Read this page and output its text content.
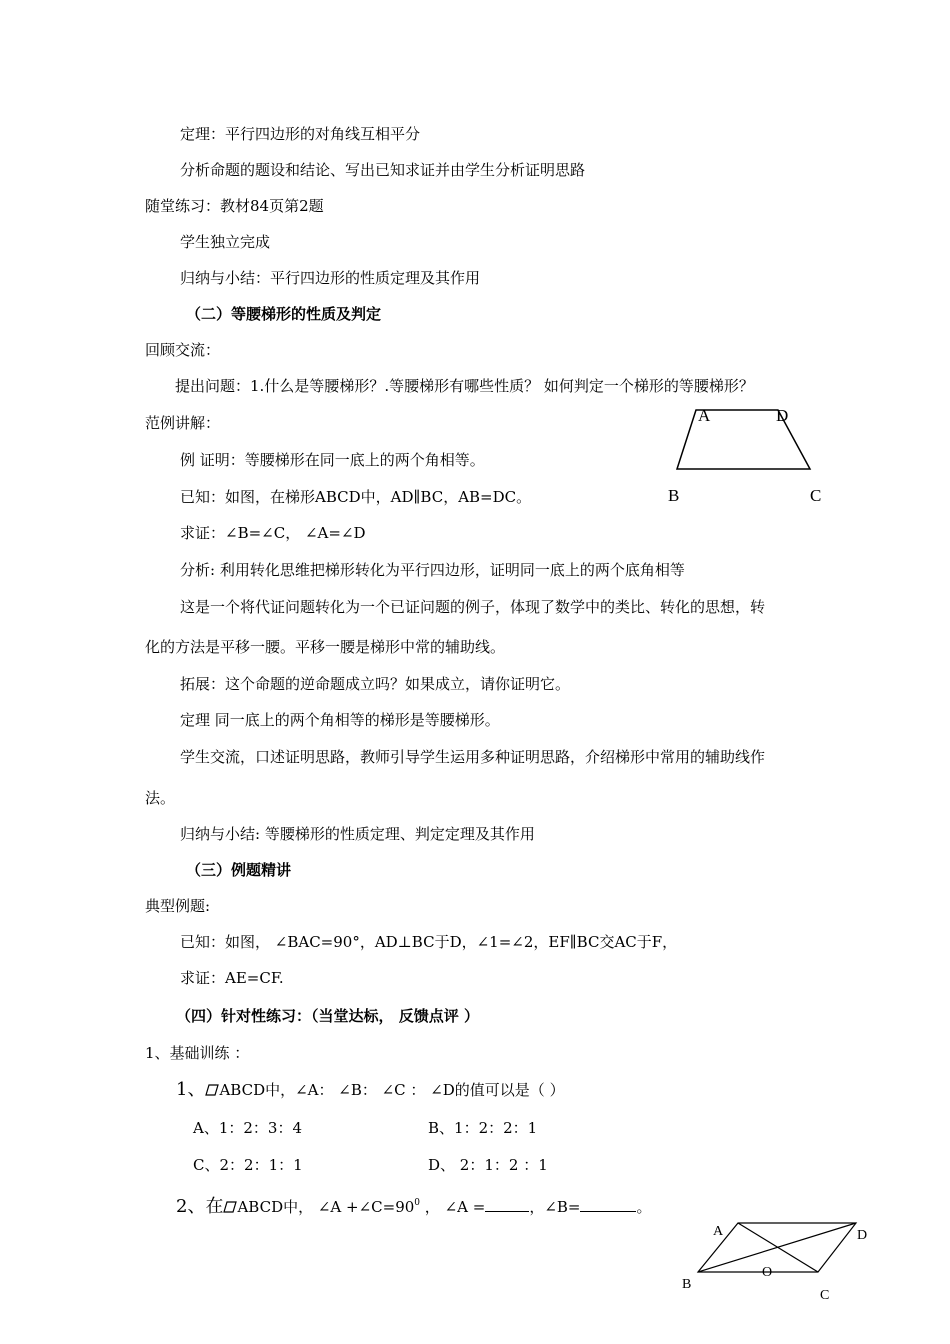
定理：平行四边形的对角线互相平分
分析命题的题设和结论、写出已知求证并由学生分析证明思路
随堂练习：教材84页第2题
学生独立完成
归纳与小结：平行四边形的性质定理及其作用
（二）等腰梯形的性质及判定
回顾交流：
提出问题：1.什么是等腰梯形？.等腰梯形有哪些性质？ 如何判定一个梯形的等腰梯形？
范例讲解：
例 证明：等腰梯形在同一底上的两个角相等。
已知：如图，在梯形ABCD中，AD∥BC，AB=DC。
求证：∠B=∠C， ∠A=∠D
分析: 利用转化思维把梯形转化为平行四边形，证明同一底上的两个底角相等
这是一个将代证问题转化为一个已证问题的例子，体现了数学中的类比、转化的思想，转
化的方法是平移一腰。平移一腰是梯形中常的辅助线。
拓展：这个命题的逆命题成立吗？如果成立，请你证明它。
定理 同一底上的两个角相等的梯形是等腰梯形。
学生交流，口述证明思路，教师引导学生运用多种证明思路，介绍梯形中常用的辅助线作
法。
归纳与小结: 等腰梯形的性质定理、判定定理及其作用
（三）例题精讲
典型例题:
已知：如图， ∠BAC=90°，AD⊥BC于D，∠1=∠2，EF∥BC交AC于F，
求证：AE=CF.
（四）针对性练习：（当堂达标， 反馈点评 ）
1、基础训练 ：
1、 ABCD中，∠A： ∠B： ∠C ： ∠D的值可以是（ ）
A、1：2：3：4	B、1：2：2：1
C、2：2：1：1	D、 2：1：2 ：1
2、在 ABCD中， ∠A $+\angle C=90^0$ ， ∠A =	，∠B=	。
A	D
B	C
A	D
B
O
C
